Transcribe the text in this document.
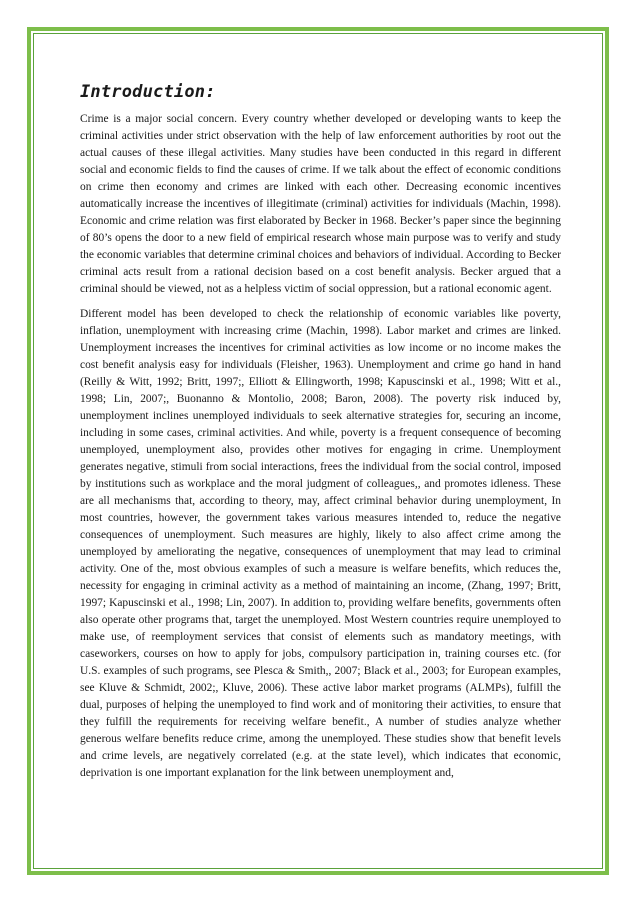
Introduction:

Crime is a major social concern. Every country whether developed or developing wants to keep the criminal activities under strict observation with the help of law enforcement authorities by root out the actual causes of these illegal activities. Many studies have been conducted in this regard in different social and economic fields to find the causes of crime. If we talk about the effect of economic conditions on crime then economy and crimes are linked with each other. Decreasing economic incentives automatically increase the incentives of illegitimate (criminal) activities for individuals (Machin, 1998). Economic and crime relation was first elaborated by Becker in 1968. Becker’s paper since the beginning of 80’s opens the door to a new field of empirical research whose main purpose was to verify and study the economic variables that determine criminal choices and behaviors of individual. According to Becker criminal acts result from a rational decision based on a cost benefit analysis. Becker argued that a criminal should be viewed, not as a helpless victim of social oppression, but a rational economic agent.

Different model has been developed to check the relationship of economic variables like poverty, inflation, unemployment with increasing crime (Machin, 1998). Labor market and crimes are linked. Unemployment increases the incentives for criminal activities as low income or no income makes the cost benefit analysis easy for individuals (Fleisher, 1963). Unemployment and crime go hand in hand (Reilly & Witt, 1992; Britt, 1997;, Elliott & Ellingworth, 1998; Kapuscinski et al., 1998; Witt et al., 1998; Lin, 2007;, Buonanno & Montolio, 2008; Baron, 2008). The poverty risk induced by, unemployment inclines unemployed individuals to seek alternative strategies for, securing an income, including in some cases, criminal activities. And while, poverty is a frequent consequence of becoming unemployed, unemployment also, provides other motives for engaging in crime. Unemployment generates negative, stimuli from social interactions, frees the individual from the social control, imposed by institutions such as workplace and the moral judgment of colleagues,, and promotes idleness. These are all mechanisms that, according to theory, may, affect criminal behavior during unemployment, In most countries, however, the government takes various measures intended to, reduce the negative consequences of unemployment. Such measures are highly, likely to also affect crime among the unemployed by ameliorating the negative, consequences of unemployment that may lead to criminal activity. One of the, most obvious examples of such a measure is welfare benefits, which reduces the, necessity for engaging in criminal activity as a method of maintaining an income, (Zhang, 1997; Britt, 1997; Kapuscinski et al., 1998; Lin, 2007). In addition to, providing welfare benefits, governments often also operate other programs that, target the unemployed. Most Western countries require unemployed to make use, of reemployment services that consist of elements such as mandatory meetings, with caseworkers, courses on how to apply for jobs, compulsory participation in, training courses etc. (for U.S. examples of such programs, see Plesca & Smith,, 2007; Black et al., 2003; for European examples, see Kluve & Schmidt, 2002;, Kluve, 2006). These active labor market programs (ALMPs), fulfill the dual, purposes of helping the unemployed to find work and of monitoring their activities, to ensure that they fulfill the requirements for receiving welfare benefit., A number of studies analyze whether generous welfare benefits reduce crime, among the unemployed. These studies show that benefit levels and crime levels, are negatively correlated (e.g. at the state level), which indicates that economic, deprivation is one important explanation for the link between unemployment and,
